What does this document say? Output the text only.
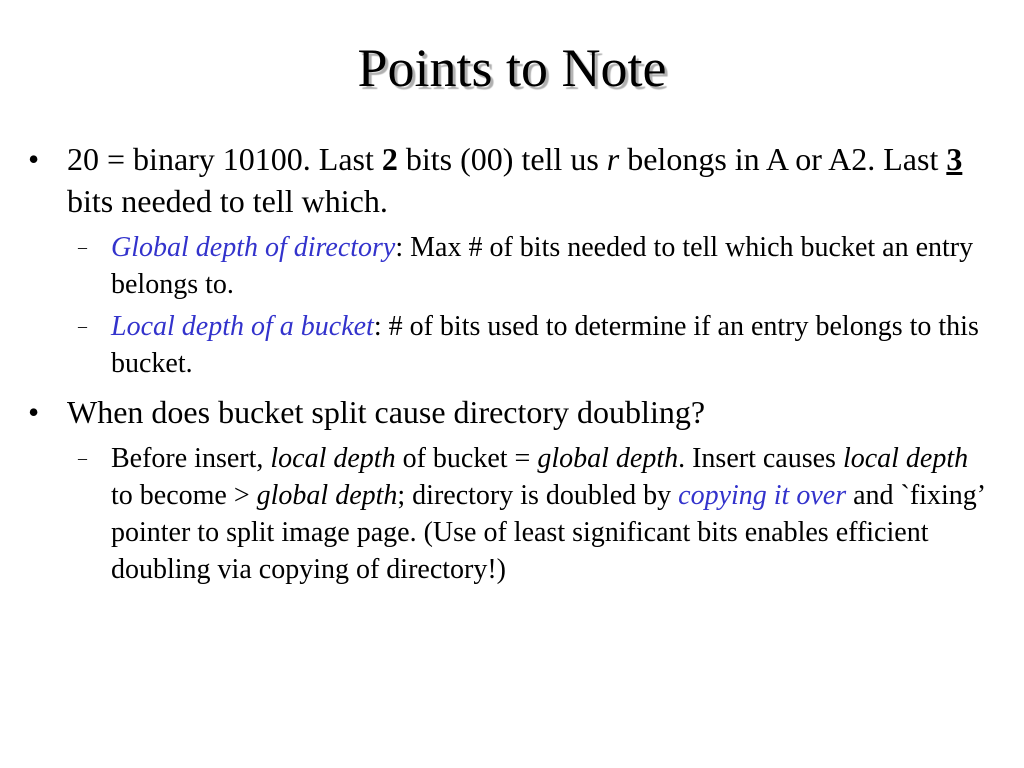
Points to Note
• 20 = binary 10100. Last 2 bits (00) tell us r belongs in A or A2. Last 3 bits needed to tell which.
– Global depth of directory: Max # of bits needed to tell which bucket an entry belongs to.
– Local depth of a bucket: # of bits used to determine if an entry belongs to this bucket.
• When does bucket split cause directory doubling?
– Before insert, local depth of bucket = global depth. Insert causes local depth to become > global depth; directory is doubled by copying it over and `fixing’ pointer to split image page. (Use of least significant bits enables efficient doubling via copying of directory!)
